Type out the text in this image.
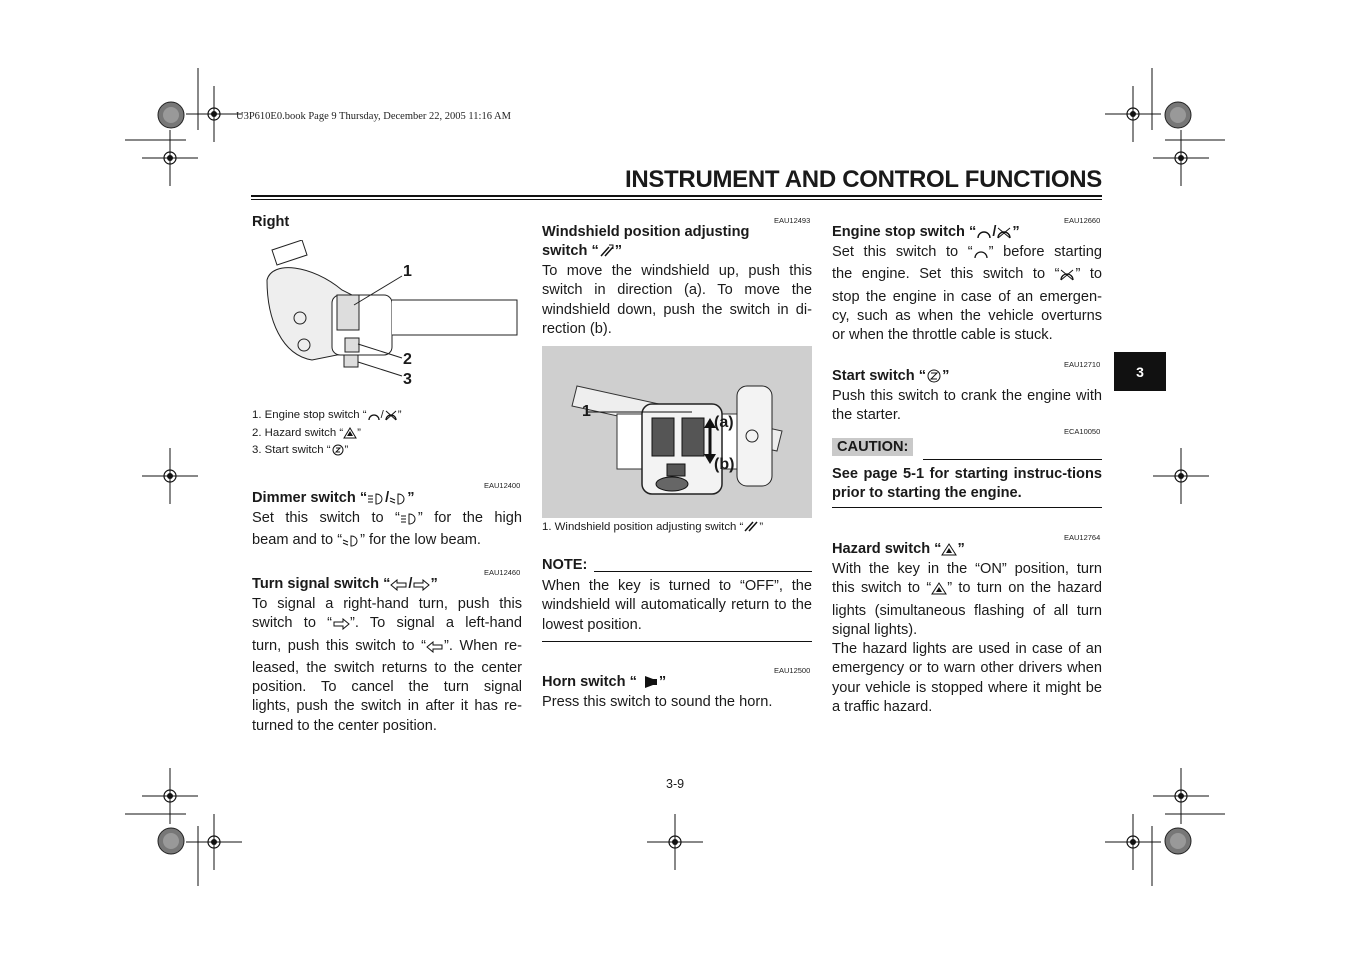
U3P610E0.book Page 9 Thursday, December 22, 2005 11:16 AM
INSTRUMENT AND CONTROL FUNCTIONS
3
Right
1
2
3
1. Engine stop switch “ / ”
2. Hazard switch “ ”
3. Start switch “ ”
EAU12400
Dimmer switch “ / ”
Set this switch to “ ” for the high
beam and to “ ” for the low beam.
EAU12460
Turn signal switch “ / ”
To signal a right-hand turn, push this
switch to “ ”. To signal a left-hand
turn, push this switch to “ ”. When re-
leased, the switch returns to the center
position. To cancel the turn signal
lights, push the switch in after it has re-
turned to the center position.
EAU12493
Windshield position adjusting
switch “ ”
To move the windshield up, push this switch in direction (a). To move the windshield down, push the switch in di-rection (b).
1
(a)
(b)
1. Windshield position adjusting switch “ ”
NOTE:
When the key is turned to “OFF”, the windshield will automatically return to the lowest position.
EAU12500
Horn switch “ ”
Press this switch to sound the horn.
EAU12660
Engine stop switch “ / ”
Set this switch to “ ” before starting
the engine. Set this switch to “ ” to
stop the engine in case of an emergen-
cy, such as when the vehicle overturns
or when the throttle cable is stuck.
EAU12710
Start switch “ ”
Push this switch to crank the engine with the starter.
ECA10050
CAUTION:
See page 5-1 for starting instruc-tions prior to starting the engine.
EAU12764
Hazard switch “ ”
With the key in the “ON” position, turn
this switch to “ ” to turn on the hazard
lights (simultaneous flashing of all turn
signal lights).
The hazard lights are used in case of an emergency or to warn other drivers when your vehicle is stopped where it might be a traffic hazard.
3-9
